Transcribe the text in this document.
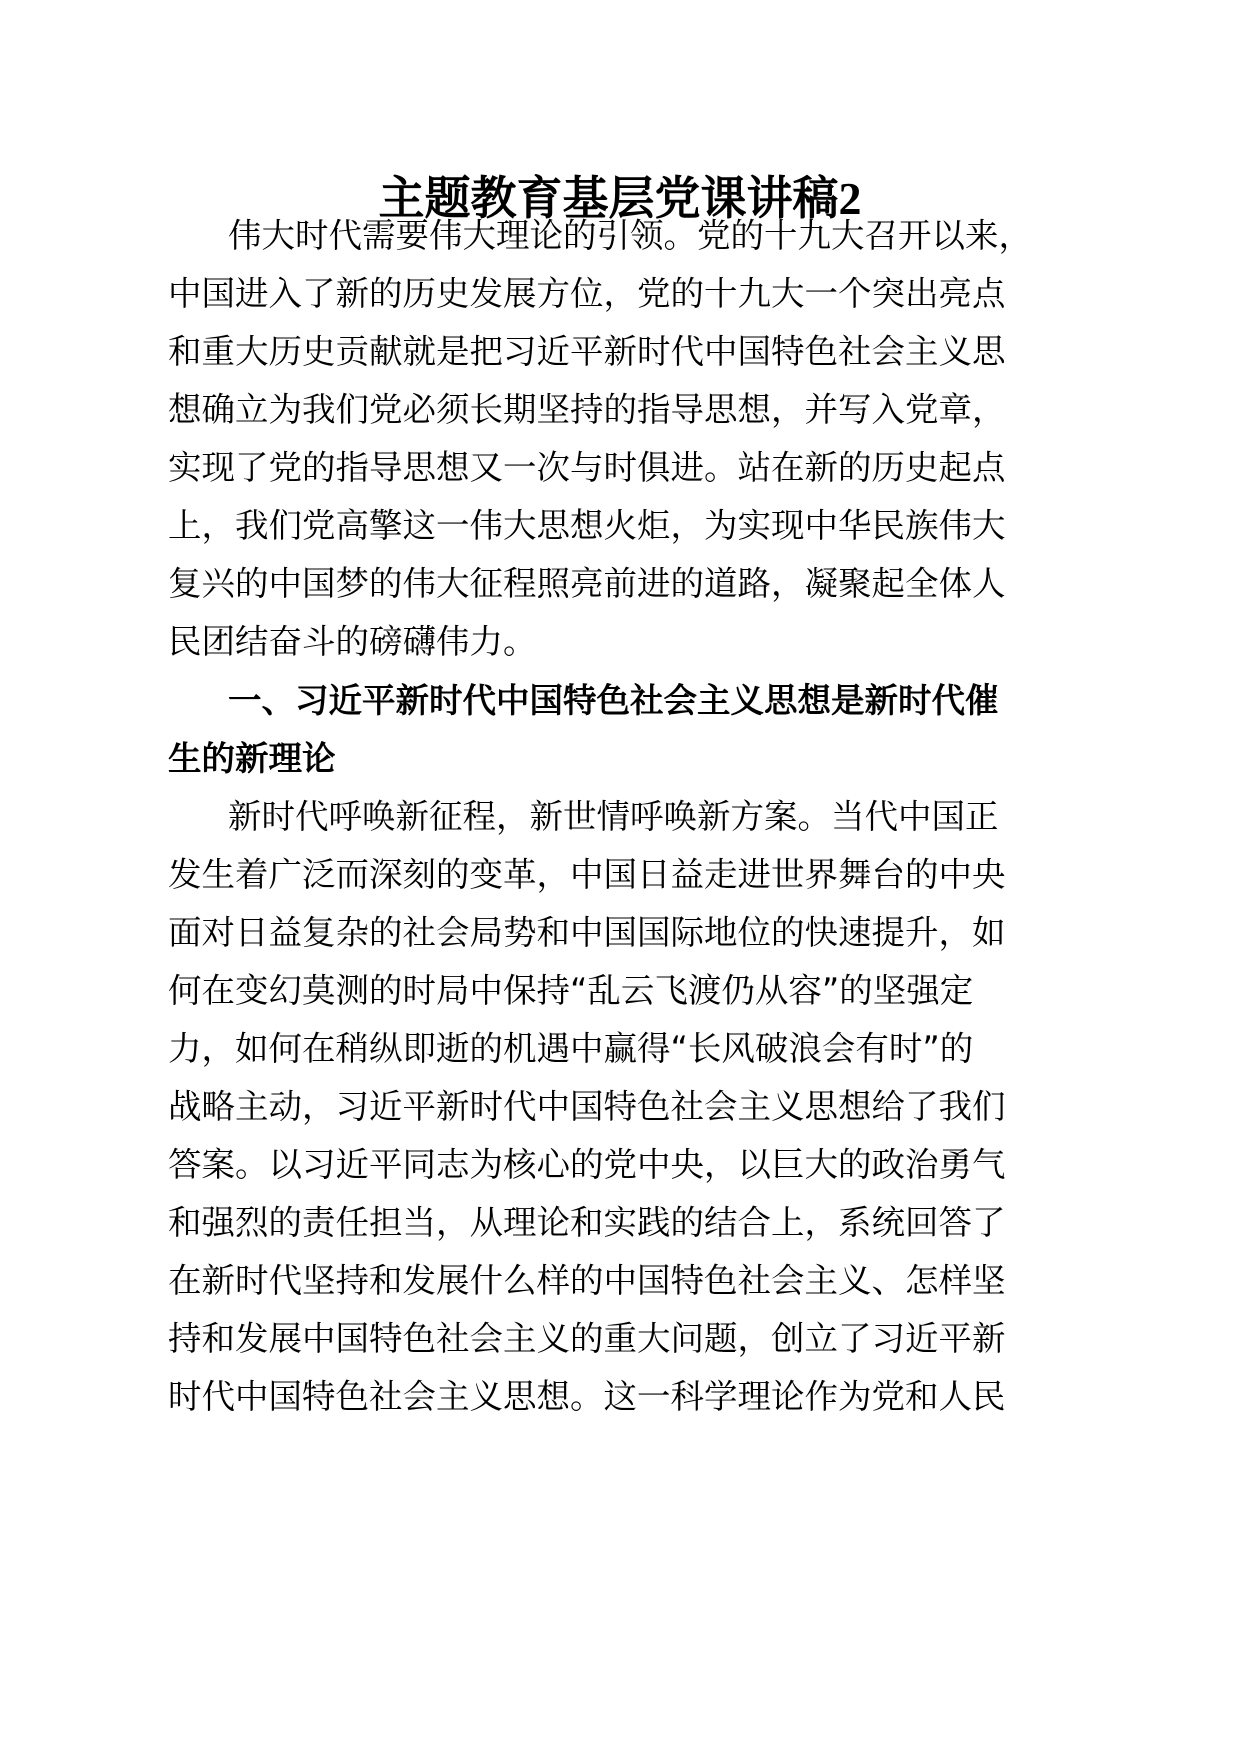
主题教育基层党课讲稿2

伟大时代需要伟大理论的引领。党的十九大召开以来，

中国进入了新的历史发展方位，党的十九大一个突出亮点

和重大历史贡献就是把习近平新时代中国特色社会主义思

想确立为我们党必须长期坚持的指导思想，并写入党章，

实现了党的指导思想又一次与时俱进。站在新的历史起点

上，我们党高擎这一伟大思想火炬，为实现中华民族伟大

复兴的中国梦的伟大征程照亮前进的道路，凝聚起全体人

民团结奋斗的磅礴伟力。

一、习近平新时代中国特色社会主义思想是新时代催

生的新理论

新时代呼唤新征程，新世情呼唤新方案。当代中国正

发生着广泛而深刻的变革，中国日益走进世界舞台的中央

面对日益复杂的社会局势和中国国际地位的快速提升，如

何在变幻莫测的时局中保持“乱云飞渡仍从容”的坚强定

力，如何在稍纵即逝的机遇中赢得“长风破浪会有时”的

战略主动，习近平新时代中国特色社会主义思想给了我们

答案。以习近平同志为核心的党中央，以巨大的政治勇气

和强烈的责任担当，从理论和实践的结合上，系统回答了

在新时代坚持和发展什么样的中国特色社会主义、怎样坚

持和发展中国特色社会主义的重大问题，创立了习近平新

时代中国特色社会主义思想。这一科学理论作为党和人民
